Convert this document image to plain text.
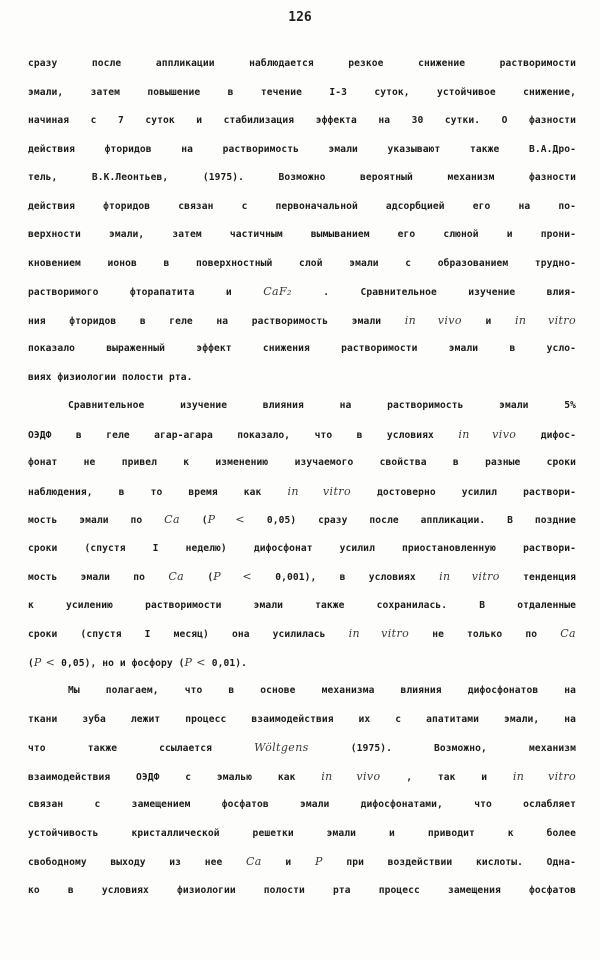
126
сразу после аппликации наблюдается резкое снижение растворимости
эмали, затем повышение в течение I-3 суток, устойчивое снижение,
начиная с 7 суток и стабилизация эффекта на 30 сутки. О фазности
действия фторидов на растворимость эмали указывают также В.А.Дро-
тель, В.К.Леонтьев, (1975). Возможно вероятный механизм фазности
действия фторидов связан с первоначальной адсорбцией его на по-
верхности эмали, затем частичным вымыванием его слюной и прони-
кновением ионов в поверхностный слой эмали с образованием трудно-
растворимого фторапатита и CaF₂ . Сравнительное изучение влия-
ния фторидов в геле на растворимость эмали in vivo и in vitro
показало выраженный эффект снижения растворимости эмали в усло-
виях физиологии полости рта.
Сравнительное изучение влияния на растворимость эмали 5%
ОЭДФ в геле агар-агара показало, что в условиях in vivo дифос-
фонат не привел к изменению изучаемого свойства в разные сроки
наблюдения, в то время как in vitro достоверно усилил раствори-
мость эмали по Ca (P < 0,05) сразу после аппликации. В поздние
сроки (спустя I неделю) дифосфонат усилил приостановленную раствори-
мость эмали по Ca (P < 0,001), в условиях in vitro тенденция
к усилению растворимости эмали также сохранилась. В отдаленные
сроки (спустя I месяц) она усилилась in vitro не только по Ca
(P < 0,05), но и фосфору (P < 0,01).
Мы полагаем, что в основе механизма влияния дифосфонатов на
ткани зуба лежит процесс взаимодействия их с апатитами эмали, на
что также ссылается Wöltgens (1975). Возможно, механизм
взаимодействия ОЭДФ с эмалью как in vivo , так и in vitro
связан с замещением фосфатов эмали дифосфонатами, что ослабляет
устойчивость кристаллической решетки эмали и приводит к более
свободному выходу из нее Ca и P при воздействии кислоты. Одна-
ко в условиях физиологии полости рта процесс замещения фосфатов
